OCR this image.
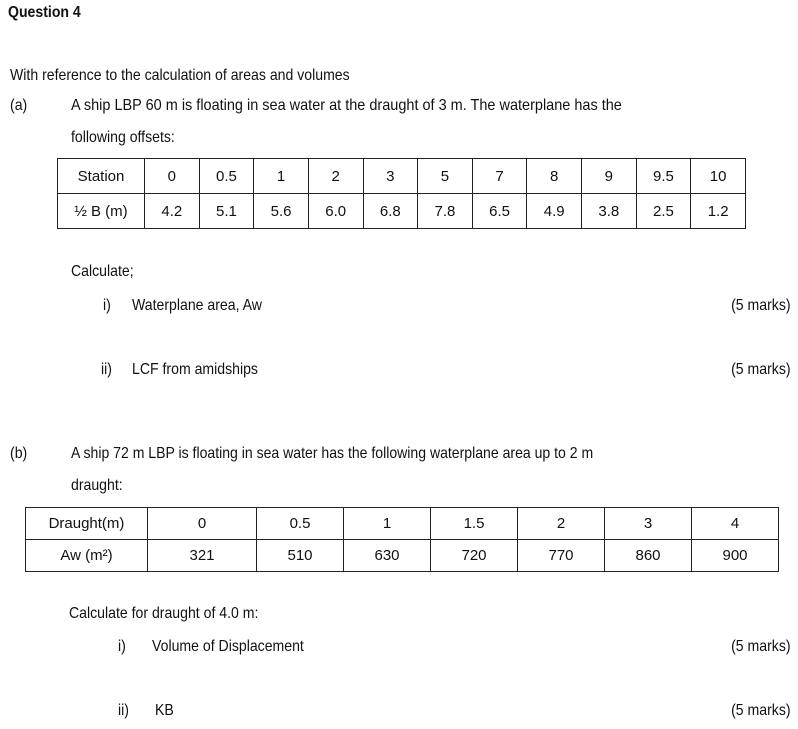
Question 4
With reference to the calculation of areas and volumes
(a)	A ship LBP 60 m is floating in sea water at the draught of 3 m. The waterplane has the
following offsets:
Station	0	0.5	1	2	3	5	7	8	9	9.5	10
½ B (m)	4.2	5.1	5.6	6.0	6.8	7.8	6.5	4.9	3.8	2.5	1.2
Calculate;
i) Waterplane area, Aw	(5 marks)
ii) LCF from amidships	(5 marks)
(b)	A ship 72 m LBP is floating in sea water has the following waterplane area up to 2 m
draught:
Draught(m)	0	0.5	1	1.5	2	3	4
Aw (m²)	321	510	630	720	770	860	900
Calculate for draught of 4.0 m:
i) Volume of Displacement	(5 marks)
ii) KB	(5 marks)
